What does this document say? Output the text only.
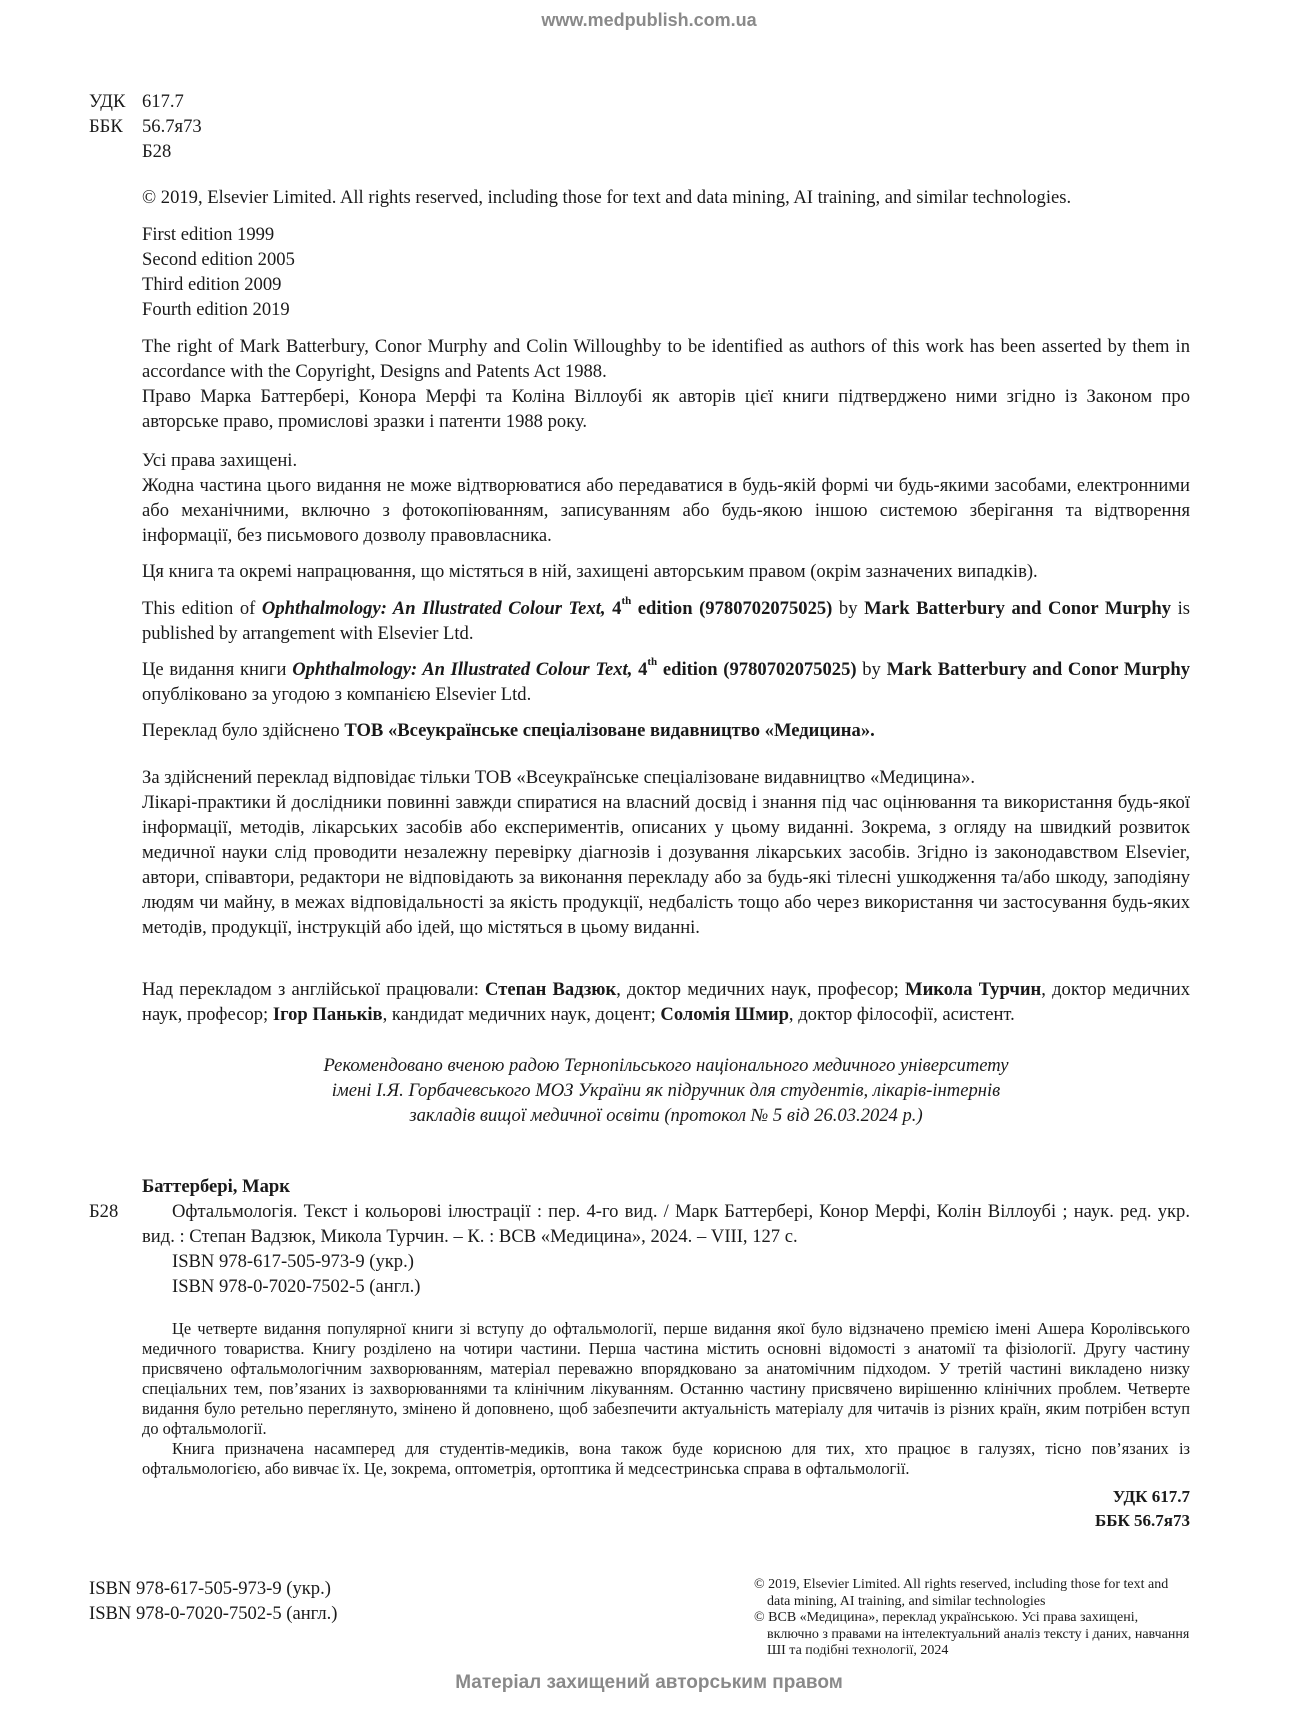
www.medpublish.com.ua
УДК 617.7
ББК	56.7я73
Б28
© 2019, Elsevier Limited. All rights reserved, including those for text and data mining, AI training, and similar technologies.
First edition 1999
Second edition 2005
Third edition 2009
Fourth edition 2019
The right of Mark Batterbury, Conor Murphy and Colin Willoughby to be identified as authors of this work has been asserted by them in accordance with the Copyright, Designs and Patents Act 1988.
Право Марка Баттербері, Конора Мерфі та Коліна Віллоубі як авторів цієї книги підтверджено ними згідно із Законом про авторське право, промислові зразки і патенти 1988 року.
Усі права захищені.
Жодна частина цього видання не може відтворюватися або передаватися в будь-якій формі чи будь-якими засобами, електронними або механічними, включно з фотокопіюванням, записуванням або будь-якою іншою системою зберігання та відтворення інформації, без письмового дозволу правовласника.
Ця книга та окремі напрацювання, що містяться в ній, захищені авторським правом (окрім зазначених випадків).
This edition of Ophthalmology: An Illustrated Colour Text, 4th edition (9780702075025) by Mark Batterbury and Conor Murphy is published by arrangement with Elsevier Ltd.
Це видання книги Ophthalmology: An Illustrated Colour Text, 4th edition (9780702075025) by Mark Batterbury and Conor Murphy опубліковано за угодою з компанією Elsevier Ltd.
Переклад було здійснено ТОВ «Всеукраїнське спеціалізоване видавництво «Медицина».
За здійснений переклад відповідає тільки ТОВ «Всеукраїнське спеціалізоване видавництво «Медицина».
Лікарі-практики й дослідники повинні завжди спиратися на власний досвід і знання під час оцінювання та використання будь-якої інформації, методів, лікарських засобів або експериментів, описаних у цьому виданні. Зокрема, з огляду на швидкий розвиток медичної науки слід проводити незалежну перевірку діагнозів і дозування лікарських засобів. Згідно із законодавством Elsevier, автори, співавтори, редактори не відповідають за виконання перекладу або за будь-які тілесні ушкодження та/або шкоду, заподіяну людям чи майну, в межах відповідальності за якість продукції, недбалість тощо або через використання чи застосування будь-яких методів, продукції, інструкцій або ідей, що містяться в цьому виданні.
Над перекладом з англійської працювали: Степан Вадзюк, доктор медичних наук, професор; Микола Турчин, доктор медичних наук, професор; Ігор Паньків, кандидат медичних наук, доцент; Соломія Шмир, доктор філософії, асистент.
Рекомендовано вченою радою Тернопільського національного медичного університету
імені І.Я. Горбачевського МОЗ України як підручник для студентів, лікарів-інтернів
закладів вищої медичної освіти (протокол № 5 від 26.03.2024 р.)
Баттербері, Марк
Б28	Офтальмологія. Текст і кольорові ілюстрації : пер. 4-го вид. / Марк Баттербері, Конор Мерфі, Колін Віллоубі ; наук. ред. укр. вид. : Степан Вадзюк, Микола Турчин. – К. : ВСВ «Медицина», 2024. – VIII, 127 с.
ISBN 978-617-505-973-9 (укр.)
ISBN 978-0-7020-7502-5 (англ.)
Це четверте видання популярної книги зі вступу до офтальмології, перше видання якої було відзначено премією імені Ашера Королівського медичного товариства. Книгу розділено на чотири частини. Перша частина містить основні відомості з анатомії та фізіології. Другу частину присвячено офтальмологічним захворюванням, матеріал переважно впорядковано за анатомічним підходом. У третій частині викладено низку спеціальних тем, пов’язаних із захворюваннями та клінічним лікуванням. Останню частину присвячено вирішенню клінічних проблем. Четверте видання було ретельно переглянуто, змінено й доповнено, щоб забезпечити актуальність матеріалу для читачів із різних країн, яким потрібен вступ до офтальмології.
Книга призначена насамперед для студентів-медиків, вона також буде корисною для тих, хто працює в галузях, тісно пов’язаних із офтальмологією, або вивчає їх. Це, зокрема, оптометрія, ортоптика й медсестринська справа в офтальмології.
УДК 617.7
ББК 56.7я73
ISBN 978-617-505-973-9 (укр.)
ISBN 978-0-7020-7502-5 (англ.)
© 2019, Elsevier Limited. All rights reserved, including those for text and data mining, AI training, and similar technologies
© ВСВ «Медицина», переклад українською. Усі права захищені, включно з правами на інтелектуальний аналіз тексту і даних, навчання ШІ та подібні технології, 2024
Матеріал захищений авторським правом
